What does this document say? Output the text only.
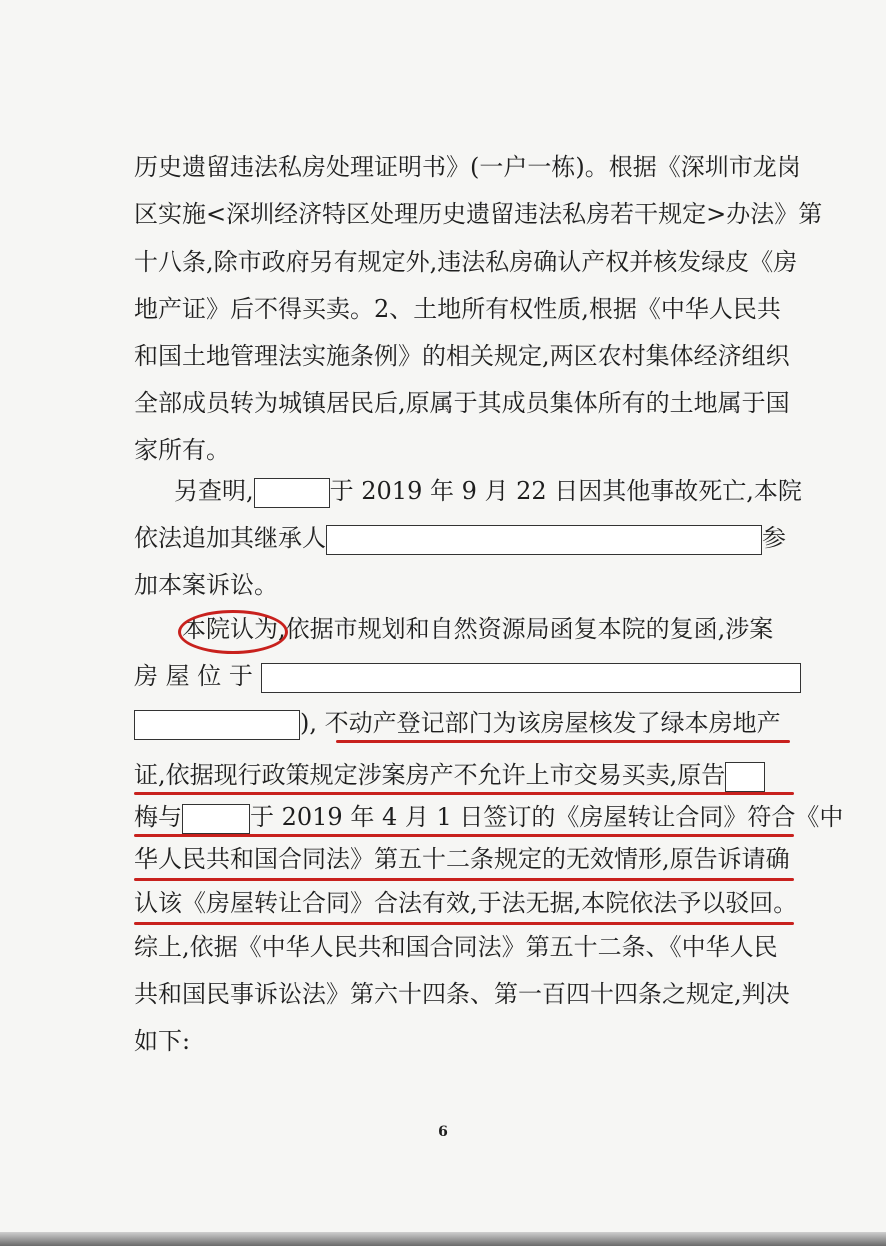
历史遗留违法私房处理证明书》(一户一栋)。根据《深圳市龙岗
区实施<深圳经济特区处理历史遗留违法私房若干规定>办法》第
十八条,除市政府另有规定外,违法私房确认产权并核发绿皮《房
地产证》后不得买卖。2、土地所有权性质,根据《中华人民共
和国土地管理法实施条例》的相关规定,两区农村集体经济组织
全部成员转为城镇居民后,原属于其成员集体所有的土地属于国
家所有。
另查明,	于 2019 年 9 月 22 日因其他事故死亡,本院
依法追加其继承人	参
加本案诉讼。
本院认为,依据市规划和自然资源局函复本院的复函,涉案
房 屋 位 于
), 不动产登记部门为该房屋核发了绿本房地产
证,依据现行政策规定涉案房产不允许上市交易买卖,原告
梅与	于 2019 年 4 月 1 日签订的《房屋转让合同》符合《中
华人民共和国合同法》第五十二条规定的无效情形,原告诉请确
认该《房屋转让合同》合法有效,于法无据,本院依法予以驳回。
综上,依据《中华人民共和国合同法》第五十二条、《中华人民
共和国民事诉讼法》第六十四条、第一百四十四条之规定,判决
如下:
6
